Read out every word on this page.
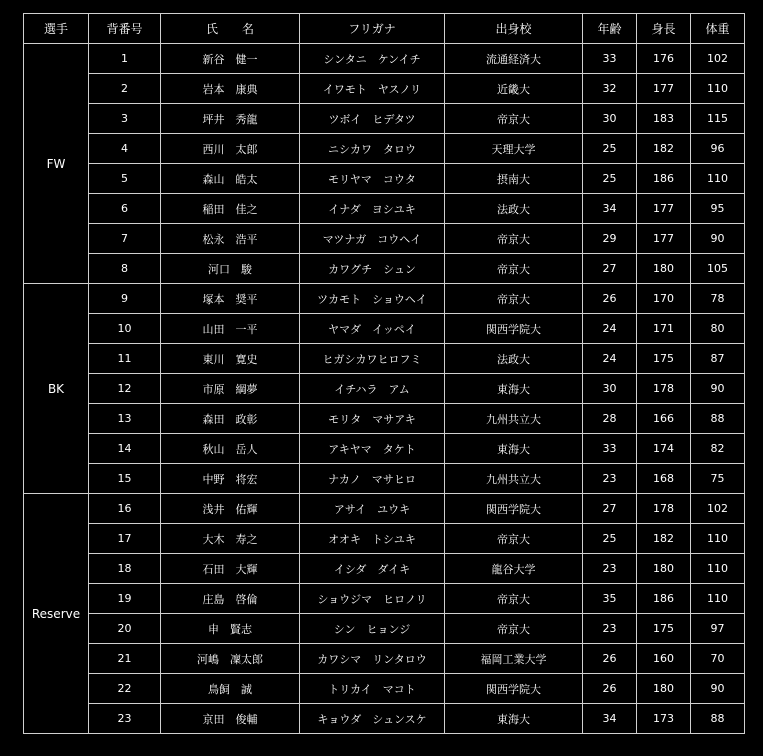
選手	背番号	氏　　名	フリガナ	出身校	年齢	身長	体重
FW	1	新谷　健一	シンタニ　ケンイチ	流通経済大	33	176	102
	2	岩本　康典	イワモト　ヤスノリ	近畿大	32	177	110
	3	坪井　秀龍	ツボイ　ヒデタツ	帝京大	30	183	115
	4	西川　太郎	ニシカワ　タロウ	天理大学	25	182	96
	5	森山　皓太	モリヤマ　コウタ	摂南大	25	186	110
	6	稲田　佳之	イナダ　ヨシユキ	法政大	34	177	95
	7	松永　浩平	マツナガ　コウヘイ	帝京大	29	177	90
	8	河口　駿	カワグチ　シュン	帝京大	27	180	105
BK	9	塚本　奨平	ツカモト　ショウヘイ	帝京大	26	170	78
	10	山田　一平	ヤマダ　イッペイ	関西学院大	24	171	80
	11	東川　寛史	ヒガシカワヒロフミ	法政大	24	175	87
	12	市原　綱夢	イチハラ　アム	東海大	30	178	90
	13	森田　政彰	モリタ　マサアキ	九州共立大	28	166	88
	14	秋山　岳人	アキヤマ　タケト	東海大	33	174	82
	15	中野　将宏	ナカノ　マサヒロ	九州共立大	23	168	75
Reserve	16	浅井　佑輝	アサイ　ユウキ	関西学院大	27	178	102
	17	大木　寿之	オオキ　トシユキ	帝京大	25	182	110
	18	石田　大輝	イシダ　ダイキ	龍谷大学	23	180	110
	19	庄島　啓倫	ショウジマ　ヒロノリ	帝京大	35	186	110
	20	申　賢志	シン　ヒョンジ	帝京大	23	175	97
	21	河嶋　凜太郎	カワシマ　リンタロウ	福岡工業大学	26	160	70
	22	鳥飼　誠	トリカイ　マコト	関西学院大	26	180	90
	23	京田　俊輔	キョウダ　シュンスケ	東海大	34	173	88
